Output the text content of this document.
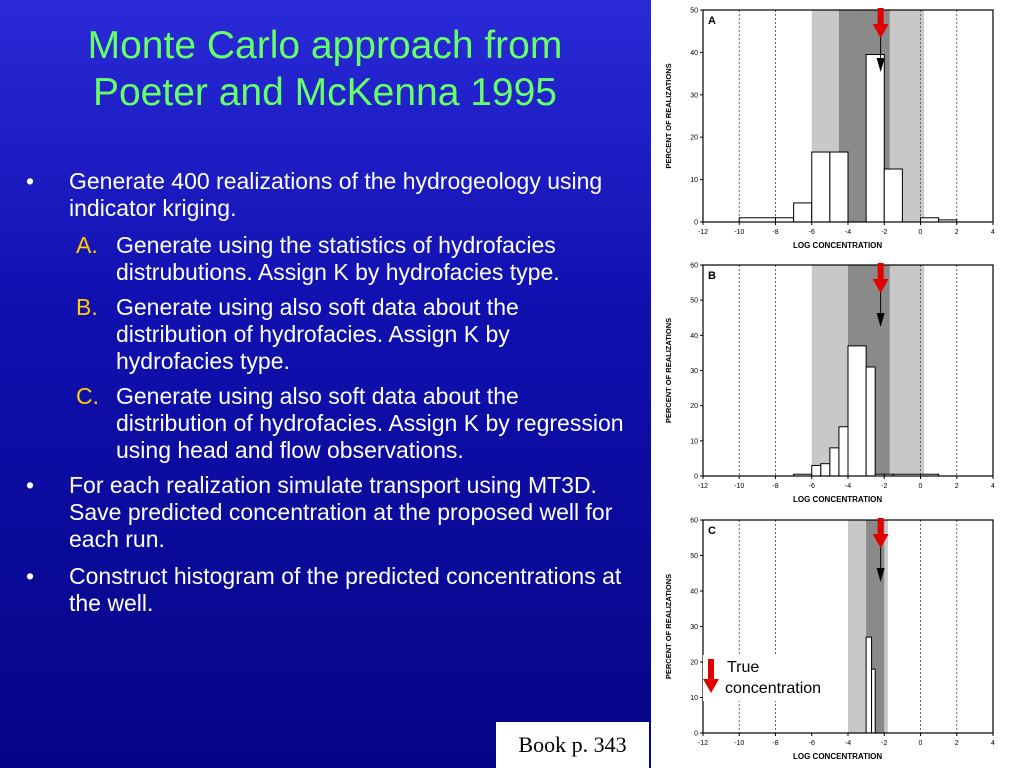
Monte Carlo approach from
Poeter and McKenna 1995
•	Generate 400 realizations of the hydrogeology using indicator kriging.
A. Generate using the statistics of hydrofacies distrubutions. Assign K by hydrofacies type.
B. Generate using also soft data about the distribution of hydrofacies. Assign K by hydrofacies type.
C. Generate using also soft data about the distribution of hydrofacies. Assign K by regression using head and flow observations.
•	For each realization simulate transport using MT3D. Save predicted concentration at the proposed well for each run.
•	Construct histogram of the predicted concentrations at the well.
Book p. 343
-12	-10	-8	-6	-4	-2	0	2	4
0
10
20
30
40
50
A
LOG CONCENTRATION
PERCENT OF REALIZATIONS
-12	-10	-8	-6	-4	-2	0	2	4
0
10
20
30
40
50
60
B
LOG CONCENTRATION
PERCENT OF REALIZATIONS
-12	-10	-8	-6	-4	-2	0	2	4
0
10
20
30
40
50
60
C
LOG CONCENTRATION
PERCENT OF REALIZATIONS	True
concentration
